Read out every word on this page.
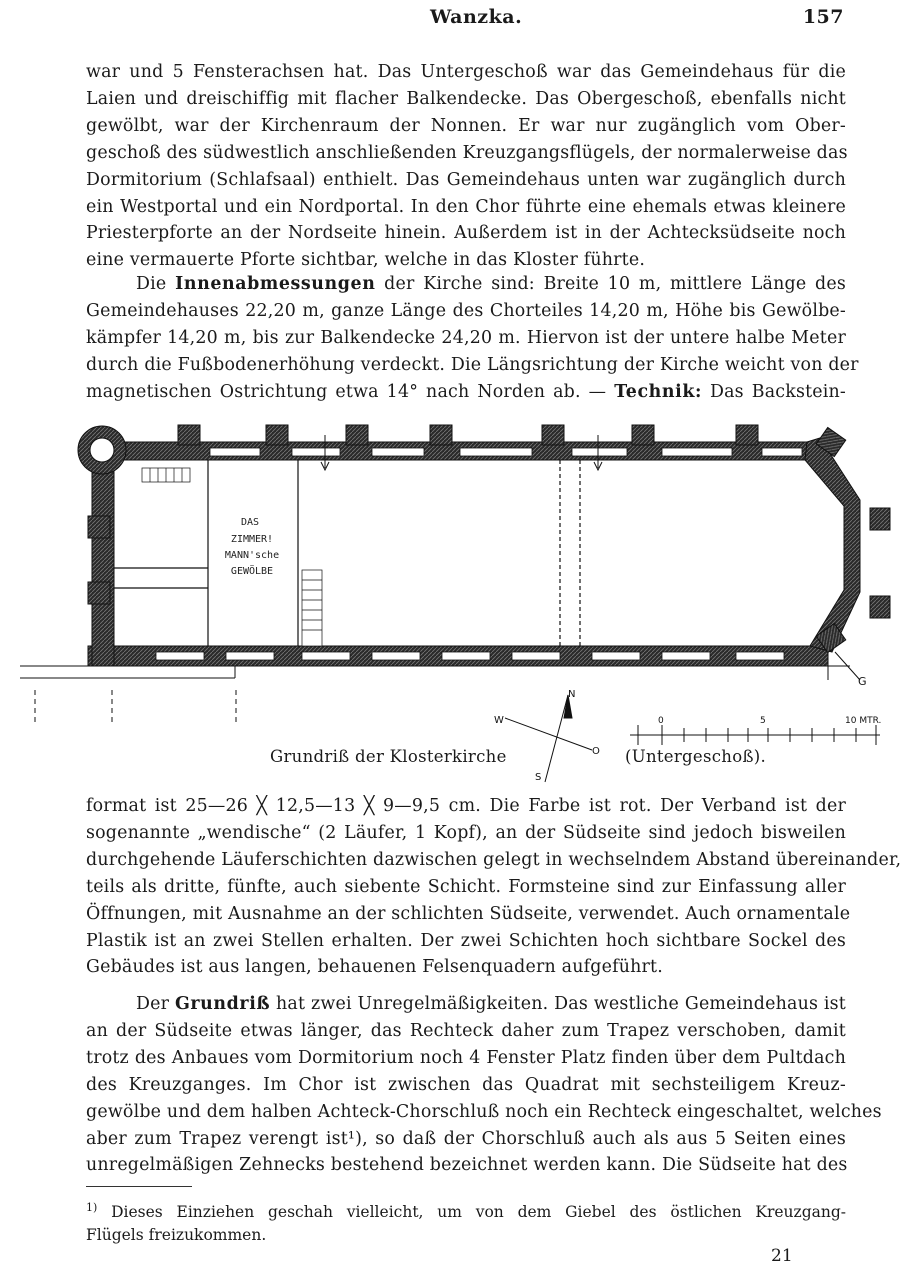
Wanzka.	157

war und 5 Fensterachsen hat. Das Untergeschoß war das Gemeindehaus für die
Laien und dreischiffig mit flacher Balkendecke. Das Obergeschoß, ebenfalls nicht
gewölbt, war der Kirchenraum der Nonnen. Er war nur zugänglich vom Ober-
geschoß des südwestlich anschließenden Kreuzgangsflügels, der normalerweise das
Dormitorium (Schlafsaal) enthielt. Das Gemeindehaus unten war zugänglich durch
ein Westportal und ein Nordportal. In den Chor führte eine ehemals etwas kleinere
Priesterpforte an der Nordseite hinein. Außerdem ist in der Achtecksüdseite noch
eine vermauerte Pforte sichtbar, welche in das Kloster führte.

Die Innenabmessungen der Kirche sind: Breite 10 m, mittlere Länge des
Gemeindehauses 22,20 m, ganze Länge des Chorteiles 14,20 m, Höhe bis Gewölbe-
kämpfer 14,20 m, bis zur Balkendecke 24,20 m. Hiervon ist der untere halbe Meter
durch die Fußbodenerhöhung verdeckt. Die Längsrichtung der Kirche weicht von der
magnetischen Ostrichtung etwa 14° nach Norden ab. — Technik: Das Backstein-

DAS
ZIMMER!
MANN'sche
GEWÖLBE
G
N
W
S
O
0	5	10 MTR.
Grundriß der Klosterkirche	(Untergeschoß).

format ist 25—26 ╳ 12,5—13 ╳ 9—9,5 cm. Die Farbe ist rot. Der Verband ist der
sogenannte „wendische“ (2 Läufer, 1 Kopf), an der Südseite sind jedoch bisweilen
durchgehende Läuferschichten dazwischen gelegt in wechselndem Abstand übereinander,
teils als dritte, fünfte, auch siebente Schicht. Formsteine sind zur Einfassung aller
Öffnungen, mit Ausnahme an der schlichten Südseite, verwendet. Auch ornamentale
Plastik ist an zwei Stellen erhalten. Der zwei Schichten hoch sichtbare Sockel des
Gebäudes ist aus langen, behauenen Felsenquadern aufgeführt.

Der Grundriß hat zwei Unregelmäßigkeiten. Das westliche Gemeindehaus ist
an der Südseite etwas länger, das Rechteck daher zum Trapez verschoben, damit
trotz des Anbaues vom Dormitorium noch 4 Fenster Platz finden über dem Pultdach
des Kreuzganges. Im Chor ist zwischen das Quadrat mit sechsteiligem Kreuz-
gewölbe und dem halben Achteck-Chorschluß noch ein Rechteck eingeschaltet, welches
aber zum Trapez verengt ist¹), so daß der Chorschluß auch als aus 5 Seiten eines
unregelmäßigen Zehnecks bestehend bezeichnet werden kann. Die Südseite hat des

$^{1)}$ Dieses Einziehen geschah vielleicht, um von dem Giebel des östlichen Kreuzgang-
Flügels freizukommen.

21
